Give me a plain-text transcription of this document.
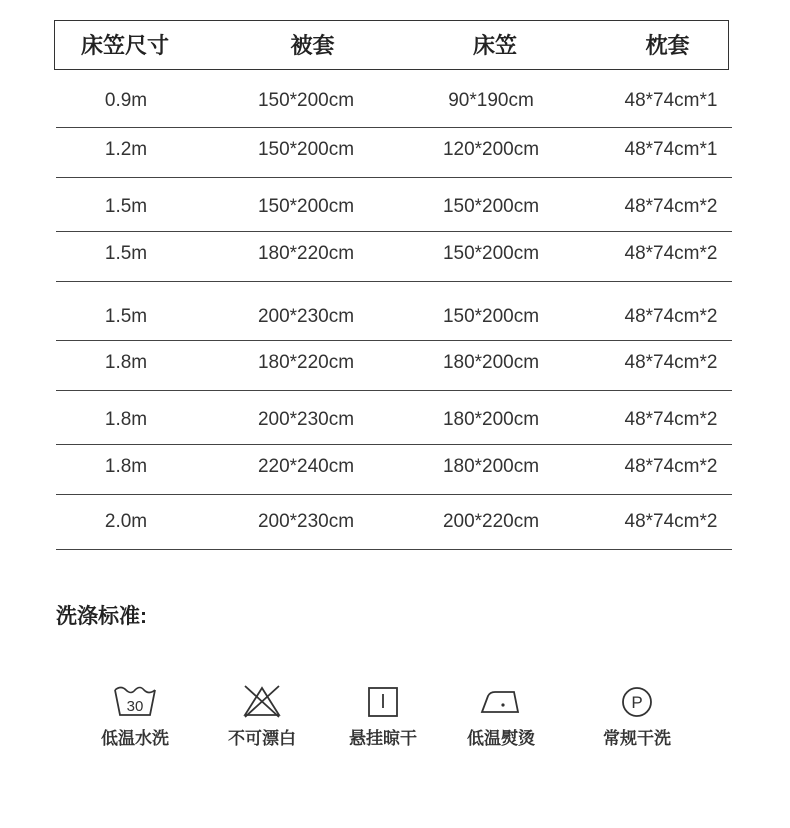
床笠尺寸	被套	床笠	枕套
0.9m	150*200cm	90*190cm	48*74cm*1
1.2m	150*200cm	120*200cm	48*74cm*1
1.5m	150*200cm	150*200cm	48*74cm*2
1.5m	180*220cm	150*200cm	48*74cm*2
1.5m	200*230cm	150*200cm	48*74cm*2
1.8m	180*220cm	180*200cm	48*74cm*2
1.8m	200*230cm	180*200cm	48*74cm*2
1.8m	220*240cm	180*200cm	48*74cm*2
2.0m	200*230cm	200*220cm	48*74cm*2
洗涤标准:
30
低温水洗	不可漂白	悬挂晾干	低温熨烫
P
常规干洗
